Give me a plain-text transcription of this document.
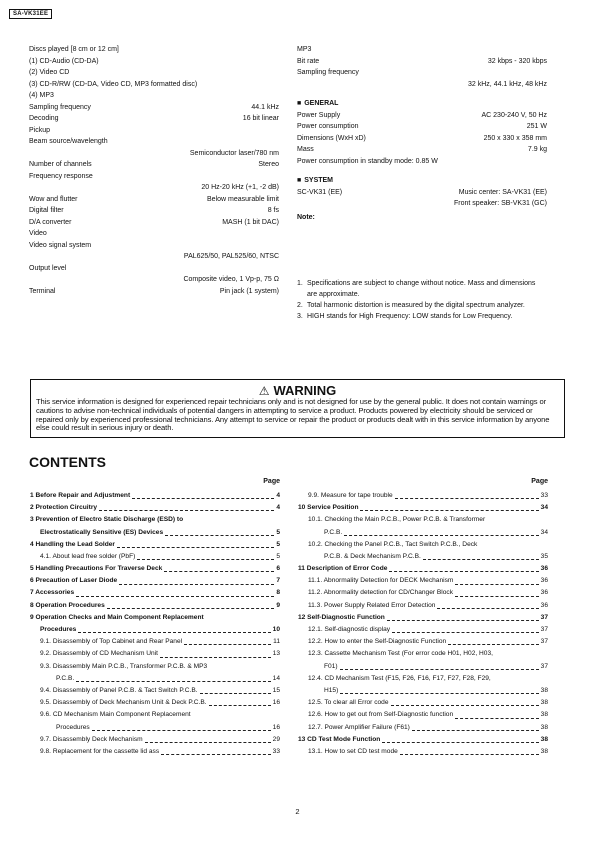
SA-VK31EE
Discs played [8 cm or 12 cm]
(1) CD-Audio (CD-DA)
(2) Video CD
(3) CD-R/RW (CD-DA, Video CD, MP3 formatted disc)
(4) MP3
Sampling frequency	44.1 kHz
Decoding	16 bit linear
Pickup
Beam source/wavelength
Semiconductor laser/780 nm
Number of channels	Stereo
Frequency response
20 Hz-20 kHz (+1, -2 dB)
Wow and flutter	Below measurable limit
Digital filter	8 fs
D/A converter	MASH (1 bit DAC)
Video
Video signal system
PAL625/50, PAL525/60, NTSC
Output level
Composite video, 1 Vp-p, 75 Ω
Terminal	Pin jack (1 system)
MP3
Bit rate	32 kbps - 320 kbps
Sampling frequency
32 kHz, 44.1 kHz, 48 kHz
■ GENERAL
Power Supply	AC 230-240 V, 50 Hz
Power consumption	251 W
Dimensions (WxH xD)	250 x 330 x 358 mm
Mass	7.9 kg
Power consumption in standby mode: 0.85 W
■ SYSTEM
SC-VK31 (EE)	Music center: SA-VK31 (EE)
Front speaker: SB-VK31 (GC)
Note:
1. Specifications are subject to change without notice. Mass and dimensions are approximate.
2. Total harmonic distortion is measured by the digital spectrum analyzer.
3. HIGH stands for High Frequency: LOW stands for Low Frequency.
⚠ WARNING
This service information is designed for experienced repair technicians only and is not designed for use by the general public. It does not contain warnings or cautions to advise non-technical individuals of potential dangers in attempting to service a product. Products powered by electricity should be serviced or repaired only by experienced professional technicians. Any attempt to service or repair the product or products dealt with in this service information by anyone else could result in serious injury or death.
CONTENTS
Page
1 Before Repair and Adjustment	4
2 Protection Circuitry	4
3 Prevention of Electro Static Discharge (ESD) to
Electrostatically Sensitive (ES) Devices	5
4 Handling the Lead Solder	5
4.1. About lead free solder (PbF)	5
5 Handling Precautions For Traverse Deck	6
6 Precaution of Laser Diode	7
7 Accessories	8
8 Operation Procedures	9
9 Operation Checks and Main Component Replacement
Procedures	10
9.1. Disassembly of Top Cabinet and Rear Panel	11
9.2. Disassembly of CD Mechanism Unit	13
9.3. Disassembly Main P.C.B., Transformer P.C.B. & MP3
P.C.B.	14
9.4. Disassembly of Panel P.C.B. & Tact Switch P.C.B.	15
9.5. Disassembly of Deck Mechanism Unit & Deck P.C.B.	16
9.6. CD Mechanism Main Component Replacement
Procedures	16
9.7. Disassembly Deck Mechanism	29
9.8. Replacement for the cassette lid ass	33
Page
9.9. Measure for tape trouble	33
10 Service Position	34
10.1. Checking the Main P.C.B., Power P.C.B. & Transformer
P.C.B.	34
10.2. Checking the Panel P.C.B., Tact Switch P.C.B., Deck
P.C.B. & Deck Mechanism P.C.B.	35
11 Description of Error Code	36
11.1. Abnormality Detection for DECK Mechanism	36
11.2. Abnormality detection for CD/Changer Block	36
11.3. Power Supply Related Error Detection	36
12 Self-Diagnostic Function	37
12.1. Self-diagnostic display	37
12.2. How to enter the Self-Diagnostic Function	37
12.3. Cassette Mechanism Test (For error code H01, H02, H03,
F01)	37
12.4. CD Mechanism Test (F15, F26, F16, F17, F27, F28, F29,
H15)	38
12.5. To clear all Error code	38
12.6. How to get out from Self-Diagnostic function	38
12.7. Power Amplifier Failure (F61)	38
13 CD Test Mode Function	38
13.1. How to set CD test mode	38
2
